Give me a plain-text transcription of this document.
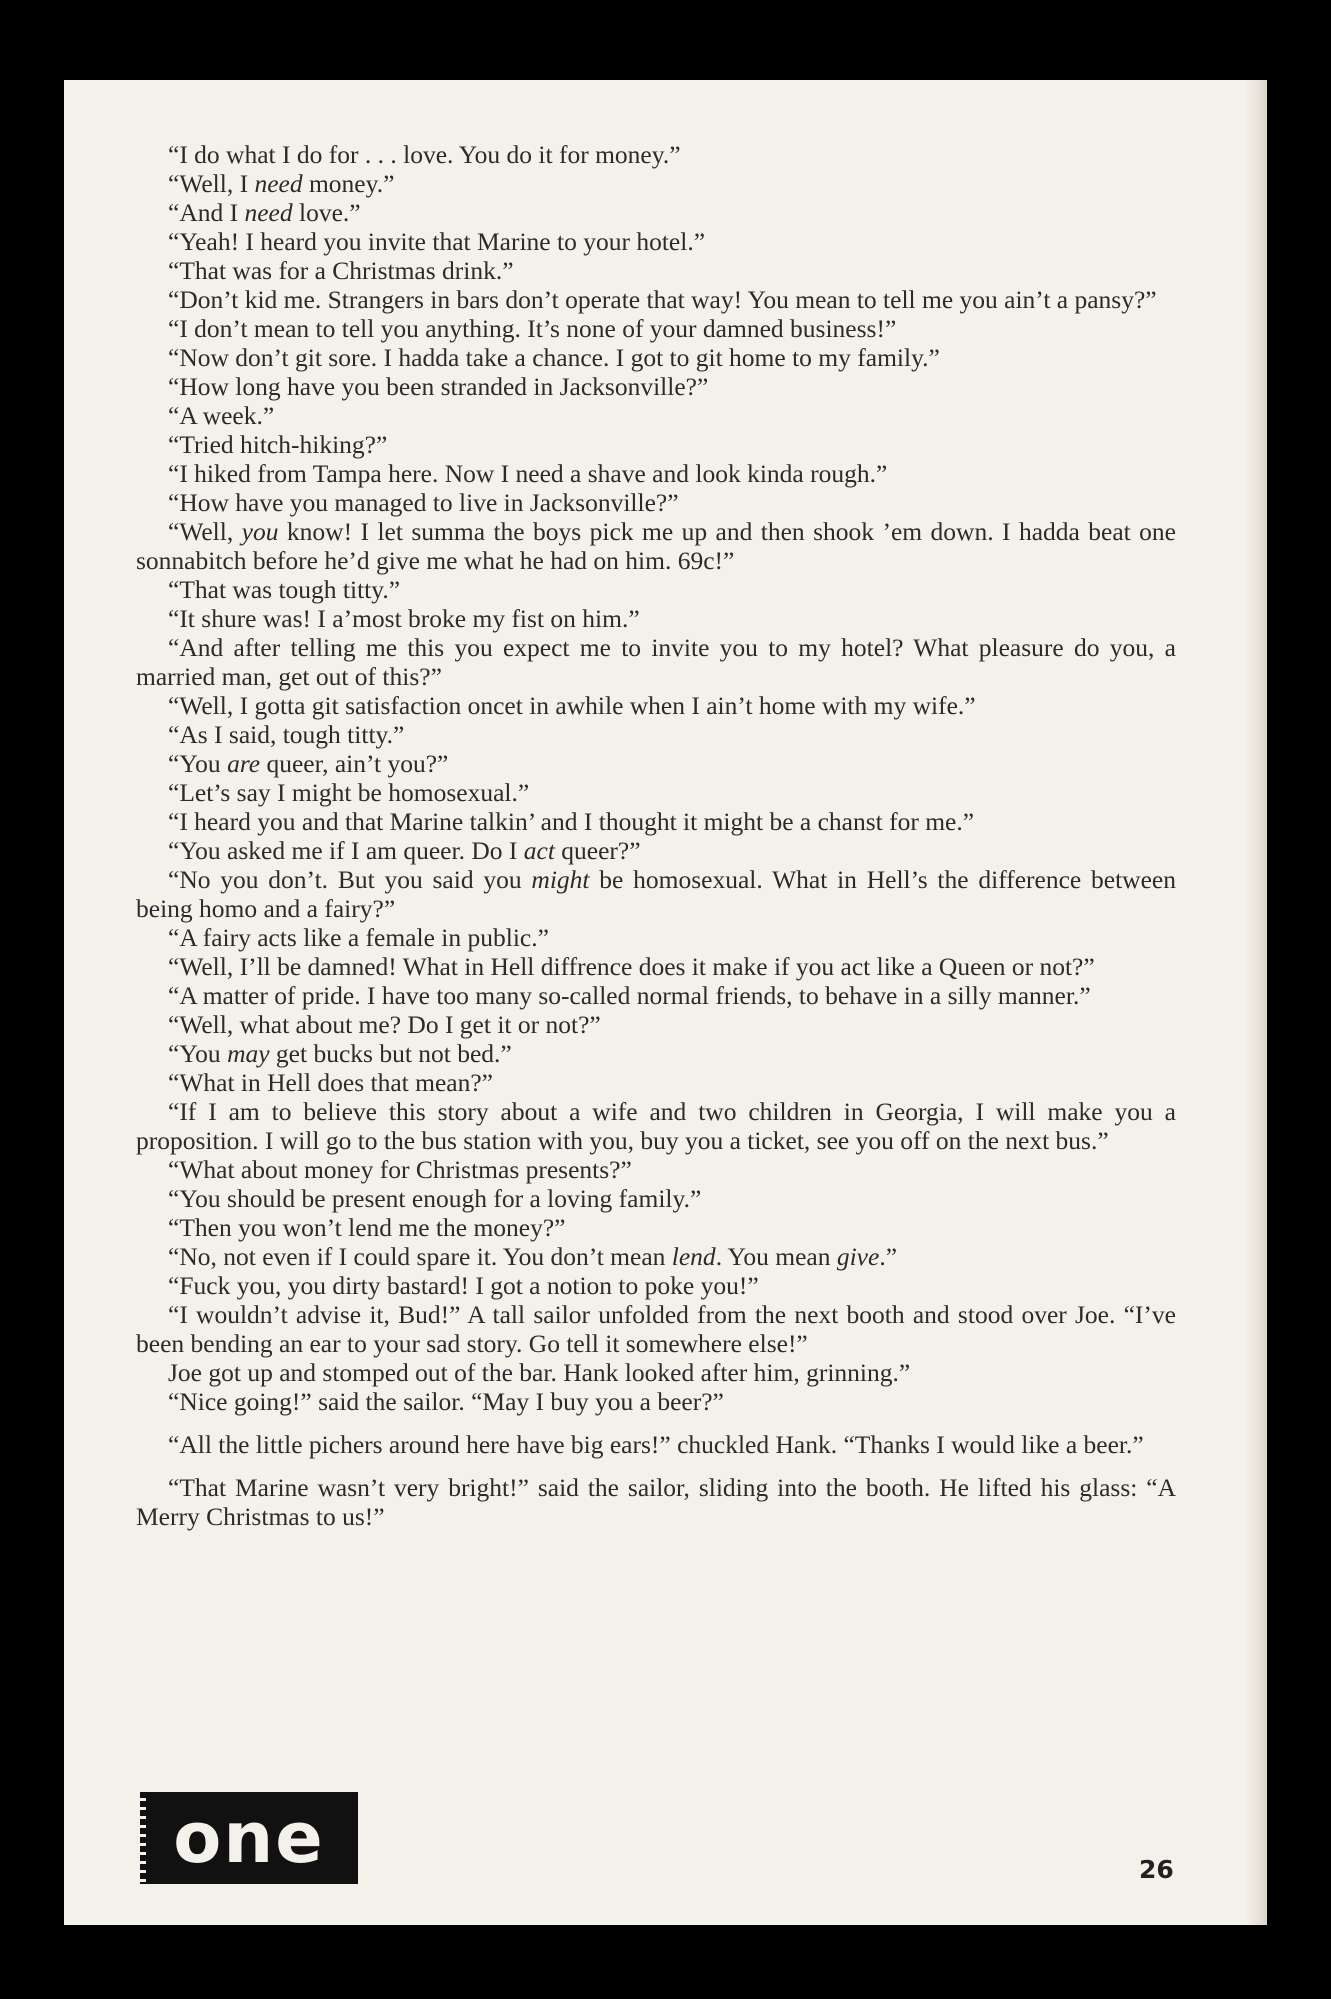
“I do what I do for . . . love. You do it for money.”

“Well, I need money.”

“And I need love.”

“Yeah! I heard you invite that Marine to your hotel.”

“That was for a Christmas drink.”

“Don’t kid me. Strangers in bars don’t operate that way! You mean to tell me you ain’t a pansy?”

“I don’t mean to tell you anything. It’s none of your damned business!”

“Now don’t git sore. I hadda take a chance. I got to git home to my family.”

“How long have you been stranded in Jacksonville?”

“A week.”

“Tried hitch-hiking?”

“I hiked from Tampa here. Now I need a shave and look kinda rough.”

“How have you managed to live in Jacksonville?”

“Well, you know! I let summa the boys pick me up and then shook ’em down. I hadda beat one sonnabitch before he’d give me what he had on him. 69c!”

“That was tough titty.”

“It shure was! I a’most broke my fist on him.”

“And after telling me this you expect me to invite you to my hotel? What pleasure do you, a married man, get out of this?”

“Well, I gotta git satisfaction oncet in awhile when I ain’t home with my wife.”

“As I said, tough titty.”

“You are queer, ain’t you?”

“Let’s say I might be homosexual.”

“I heard you and that Marine talkin’ and I thought it might be a chanst for me.”

“You asked me if I am queer. Do I act queer?”

“No you don’t. But you said you might be homosexual. What in Hell’s the difference between being homo and a fairy?”

“A fairy acts like a female in public.”

“Well, I’ll be damned! What in Hell diffrence does it make if you act like a Queen or not?”

“A matter of pride. I have too many so-called normal friends, to behave in a silly manner.”

“Well, what about me? Do I get it or not?”

“You may get bucks but not bed.”

“What in Hell does that mean?”

“If I am to believe this story about a wife and two children in Georgia, I will make you a proposition. I will go to the bus station with you, buy you a ticket, see you off on the next bus.”

“What about money for Christmas presents?”

“You should be present enough for a loving family.”

“Then you won’t lend me the money?”

“No, not even if I could spare it. You don’t mean lend. You mean give.”

“Fuck you, you dirty bastard! I got a notion to poke you!”

“I wouldn’t advise it, Bud!” A tall sailor unfolded from the next booth and stood over Joe. “I’ve been bending an ear to your sad story. Go tell it somewhere else!”

Joe got up and stomped out of the bar. Hank looked after him, grinning.”

“Nice going!” said the sailor. “May I buy you a beer?”

“All the little pichers around here have big ears!” chuckled Hank. “Thanks I would like a beer.”

“That Marine wasn’t very bright!” said the sailor, sliding into the booth. He lifted his glass: “A Merry Christmas to us!”

one	26
